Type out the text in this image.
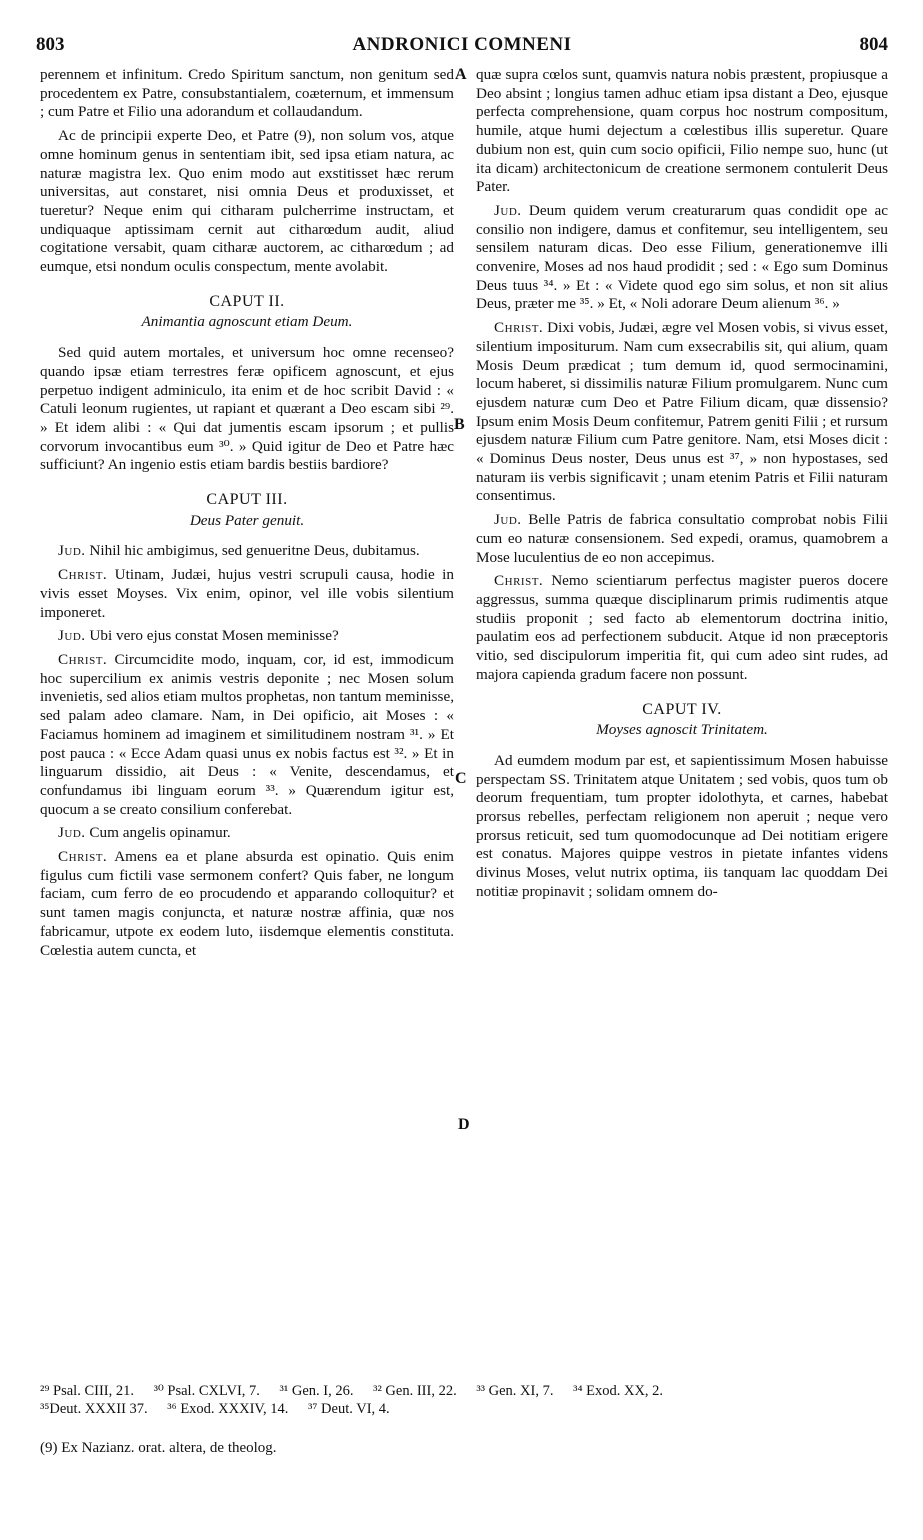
803	ANDRONICI COMNENI	804
A
B
C
D

perennem et infinitum. Credo Spiritum sanctum, non genitum sed procedentem ex Patre, consubstantialem, coæternum, et immensum ; cum Patre et Filio una adorandum et collaudandum.

Ac de principii experte Deo, et Patre (9), non solum vos, atque omne hominum genus in sententiam ibit, sed ipsa etiam natura, ac naturæ magistra lex. Quo enim modo aut exstitisset hæc rerum universitas, aut constaret, nisi omnia Deus et produxisset, et tueretur? Neque enim qui citharam pulcherrime instructam, et undiquaque aptissimam cernit aut citharœdum audit, aliud cogitatione versabit, quam citharæ auctorem, ac citharœdum ; ad eumque, etsi nondum oculis conspectum, mente avolabit.

CAPUT II.
Animantia agnoscunt etiam Deum.

Sed quid autem mortales, et universum hoc omne recenseo? quando ipsæ etiam terrestres feræ opificem agnoscunt, et ejus perpetuo indigent adminiculo, ita enim et de hoc scribit David : « Catuli leonum rugientes, ut rapiant et quærant a Deo escam sibi ²⁹. » Et idem alibi : « Qui dat jumentis escam ipsorum ; et pullis corvorum invocantibus eum ³⁰. » Quid igitur de Deo et Patre hæc sufficiunt? An ingenio estis etiam bardis bestiis bardiore?

CAPUT III.
Deus Pater genuit.

Jud. Nihil hic ambigimus, sed genueritne Deus, dubitamus.

Christ. Utinam, Judæi, hujus vestri scrupuli causa, hodie in vivis esset Moyses. Vix enim, opinor, vel ille vobis silentium imponeret.

Jud. Ubi vero ejus constat Mosen meminisse?

Christ. Circumcidite modo, inquam, cor, id est, immodicum hoc supercilium ex animis vestris deponite ; nec Mosen solum invenietis, sed alios etiam multos prophetas, non tantum meminisse, sed palam adeo clamare. Nam, in Dei opificio, ait Moses : « Faciamus hominem ad imaginem et similitudinem nostram ³¹. » Et post pauca : « Ecce Adam quasi unus ex nobis factus est ³². » Et in linguarum dissidio, ait Deus : « Venite, descendamus, et confundamus ibi linguam eorum ³³. » Quærendum igitur est, quocum a se creato consilium conferebat.

Jud. Cum angelis opinamur.

Christ. Amens ea et plane absurda est opinatio. Quis enim figulus cum fictili vase sermonem confert? Quis faber, ne longum faciam, cum ferro de eo procudendo et apparando colloquitur? et sunt tamen magis conjuncta, et naturæ nostræ affinia, quæ nos fabricamur, utpote ex eodem luto, iisdemque elementis constituta. Cœlestia autem cuncta, et

quæ supra cœlos sunt, quamvis natura nobis præstent, propiusque a Deo absint ; longius tamen adhuc etiam ipsa distant a Deo, ejusque perfecta comprehensione, quam corpus hoc nostrum compositum, humile, atque humi dejectum a cœlestibus illis superetur. Quare dubium non est, quin cum socio opificii, Filio nempe suo, hunc (ut ita dicam) architectonicum de creatione sermonem contulerit Deus Pater.

Jud. Deum quidem verum creaturarum quas condidit ope ac consilio non indigere, damus et confitemur, seu intelligentem, seu sensilem naturam dicas. Deo esse Filium, generationemve illi convenire, Moses ad nos haud prodidit ; sed : « Ego sum Dominus Deus tuus ³⁴. » Et : « Videte quod ego sim solus, et non sit alius Deus, præter me ³⁵. » Et, « Noli adorare Deum alienum ³⁶. »

Christ. Dixi vobis, Judæi, ægre vel Mosen vobis, si vivus esset, silentium impositurum. Nam cum exsecrabilis sit, qui alium, quam Mosis Deum prædicat ; tum demum id, quod sermocinamini, locum haberet, si dissimilis naturæ Filium promulgarem. Nunc cum ejusdem naturæ cum Deo et Patre Filium dicam, quæ dissensio? Ipsum enim Mosis Deum confitemur, Patrem geniti Filii ; et rursum ejusdem naturæ Filium cum Patre genitore. Nam, etsi Moses dicit : « Dominus Deus noster, Deus unus est ³⁷, » non hypostases, sed naturam iis verbis significavit ; unam etenim Patris et Filii naturam consentimus.

Jud. Belle Patris de fabrica consultatio comprobat nobis Filii cum eo naturæ consensionem. Sed expedi, oramus, quamobrem a Mose luculentius de eo non accepimus.

Christ. Nemo scientiarum perfectus magister pueros docere aggressus, summa quæque disciplinarum primis rudimentis atque studiis proponit ; sed facto ab elementorum doctrina initio, paulatim eos ad perfectionem subducit. Atque id non præceptoris vitio, sed discipulorum imperitia fit, qui cum adeo sint rudes, ad majora capienda gradum facere non possunt.

CAPUT IV.
Moyses agnoscit Trinitatem.

Ad eumdem modum par est, et sapientissimum Mosen habuisse perspectam SS. Trinitatem atque Unitatem ; sed vobis, quos tum ob deorum frequentiam, tum propter idolothyta, et carnes, habebat prorsus rebelles, perfectam religionem non aperuit ; neque vero prorsus reticuit, sed tum quomodocunque ad Dei notitiam erigere est conatus. Majores quippe vestros in pietate infantes videns divinus Moses, velut nutrix optima, iis tanquam lac quoddam Dei notitiæ propinavit ; solidam omnem do-

²⁹ Psal. CIII, 21. ³⁰ Psal. CXLVI, 7. ³¹ Gen. I, 26. ³² Gen. III, 22. ³³ Gen. XI, 7. ³⁴ Exod. XX, 2.
³⁵Deut. XXXII 37. ³⁶ Exod. XXXIV, 14. ³⁷ Deut. VI, 4.
(9) Ex Nazianz. orat. altera, de theolog.
